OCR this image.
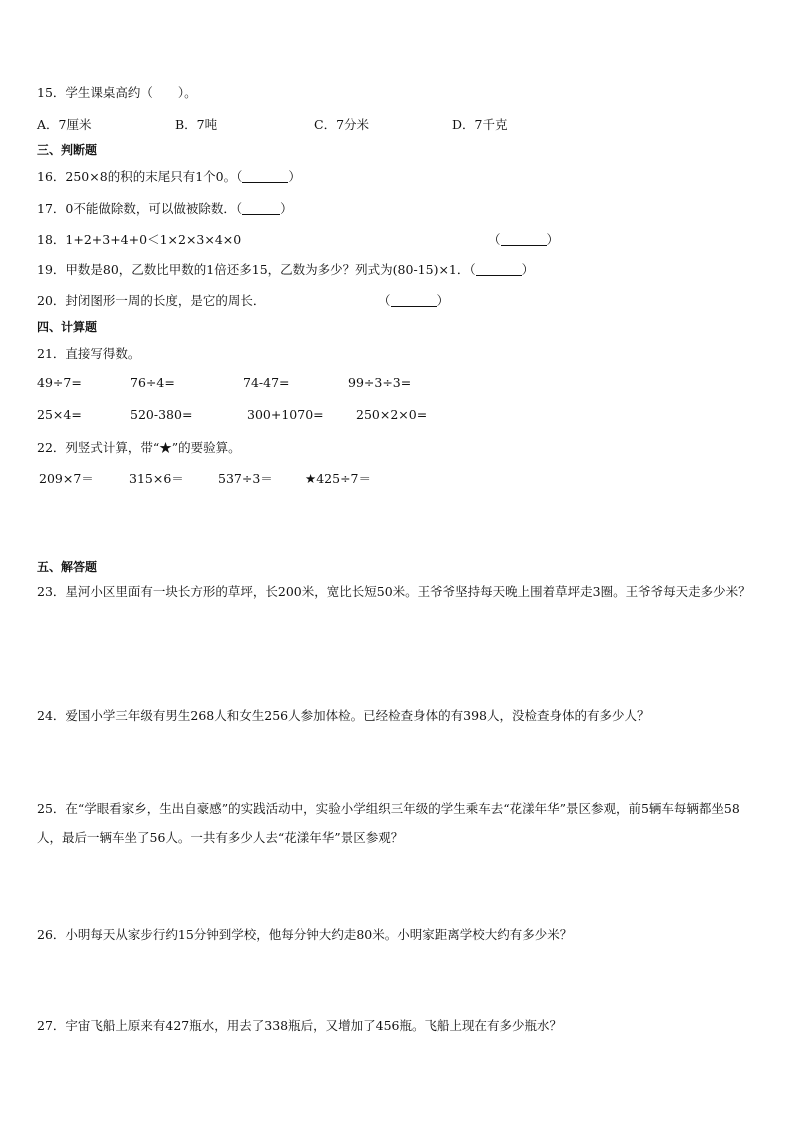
15．学生课桌高约（　　）。
A．7厘米	B．7吨	C．7分米	D．7千克
三、判断题
16．250×8的积的末尾只有1个0。（	）
17．0不能做除数，可以做被除数．（	）
18．1+2+3+4+0＜1×2×3×4×0	（	）
19．甲数是80，乙数比甲数的1倍还多15，乙数为多少？列式为(80-15)×1．（	）
20．封闭图形一周的长度，是它的周长．	（	）
四、计算题
21．直接写得数。
49÷7=	76÷4=	74-47=	99÷3÷3=
25×4=	520-380=	300+1070=	250×2×0=
22．列竖式计算，带“★”的要验算。
209×7＝	315×6＝	537÷3＝	★425÷7＝
五、解答题
23．星河小区里面有一块长方形的草坪，长200米，宽比长短50米。王爷爷坚持每天晚上围着草坪走3圈。王爷爷每天走多少米？
24．爱国小学三年级有男生268人和女生256人参加体检。已经检查身体的有398人，没检查身体的有多少人？
25．在“学眼看家乡，生出自豪感”的实践活动中，实验小学组织三年级的学生乘车去“花漾年华”景区参观，前5辆车每辆都坐58人，最后一辆车坐了56人。一共有多少人去“花漾年华”景区参观？
26．小明每天从家步行约15分钟到学校，他每分钟大约走80米。小明家距离学校大约有多少米？
27．宇宙飞船上原来有427瓶水，用去了338瓶后，又增加了456瓶。飞船上现在有多少瓶水？
